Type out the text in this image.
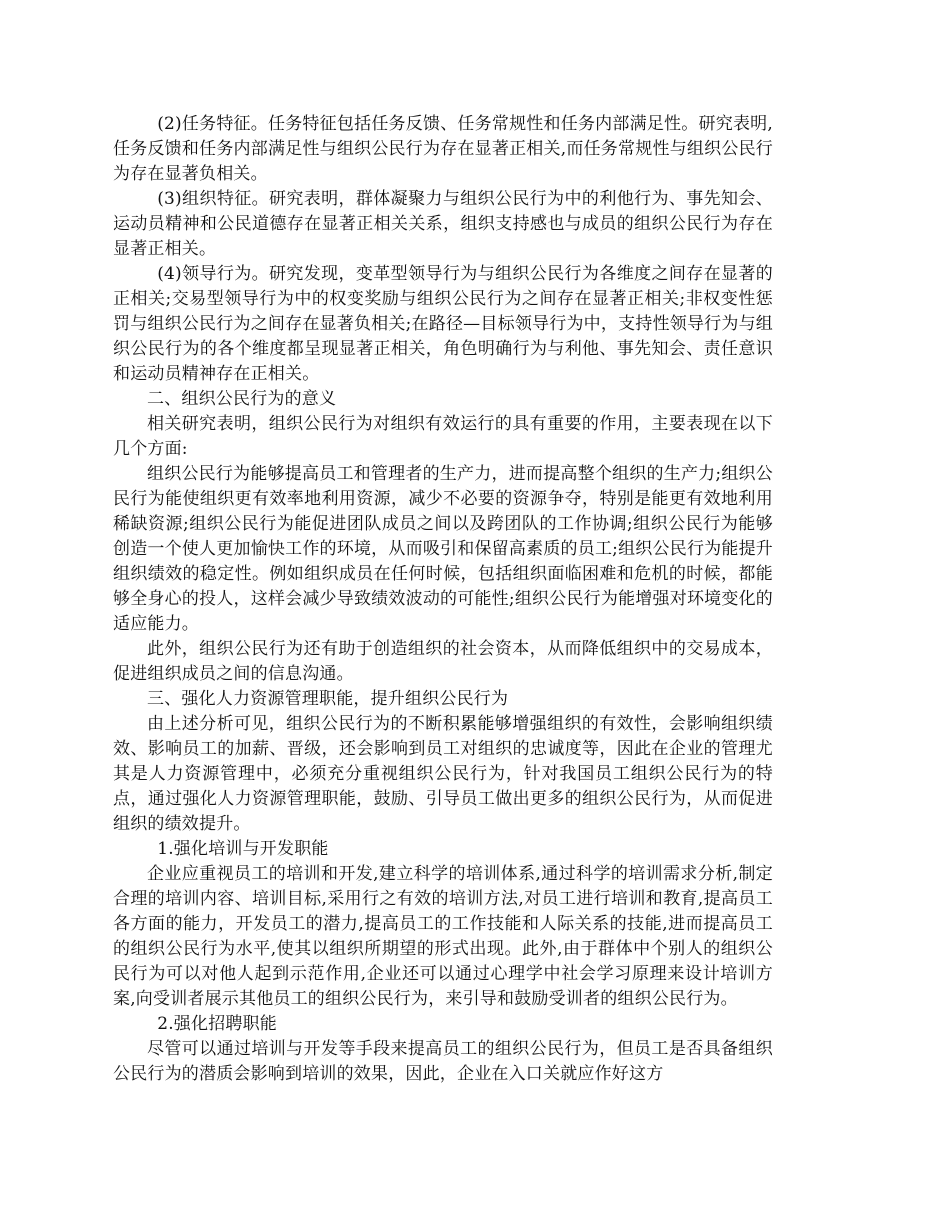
(2)任务特征。任务特征包括任务反馈、任务常规性和任务内部满足性。研究表明,任务反馈和任务内部满足性与组织公民行为存在显著正相关,而任务常规性与组织公民行为存在显著负相关。

(3)组织特征。研究表明，群体凝聚力与组织公民行为中的利他行为、事先知会、运动员精神和公民道德存在显著正相关关系，组织支持感也与成员的组织公民行为存在显著正相关。

(4)领导行为。研究发现，变革型领导行为与组织公民行为各维度之间存在显著的正相关;交易型领导行为中的权变奖励与组织公民行为之间存在显著正相关;非权变性惩罚与组织公民行为之间存在显著负相关;在路径—目标领导行为中，支持性领导行为与组织公民行为的各个维度都呈现显著正相关，角色明确行为与利他、事先知会、责任意识和运动员精神存在正相关。

二、组织公民行为的意义

相关研究表明，组织公民行为对组织有效运行的具有重要的作用，主要表现在以下几个方面:

组织公民行为能够提高员工和管理者的生产力，进而提高整个组织的生产力;组织公民行为能使组织更有效率地利用资源，减少不必要的资源争夺，特别是能更有效地利用稀缺资源;组织公民行为能促进团队成员之间以及跨团队的工作协调;组织公民行为能够创造一个使人更加愉快工作的环境，从而吸引和保留高素质的员工;组织公民行为能提升组织绩效的稳定性。例如组织成员在任何时候，包括组织面临困难和危机的时候，都能够全身心的投人，这样会减少导致绩效波动的可能性;组织公民行为能增强对环境变化的适应能力。

此外，组织公民行为还有助于创造组织的社会资本，从而降低组织中的交易成本，促进组织成员之间的信息沟通。

三、强化人力资源管理职能，提升组织公民行为

由上述分析可见，组织公民行为的不断积累能够增强组织的有效性，会影响组织绩效、影响员工的加薪、晋级，还会影响到员工对组织的忠诚度等，因此在企业的管理尤其是人力资源管理中，必须充分重视组织公民行为，针对我国员工组织公民行为的特点，通过强化人力资源管理职能，鼓励、引导员工做出更多的组织公民行为，从而促进组织的绩效提升。

1.强化培训与开发职能

企业应重视员工的培训和开发,建立科学的培训体系,通过科学的培训需求分析,制定合理的培训内容、培训目标,采用行之有效的培训方法,对员工进行培训和教育,提高员工各方面的能力，开发员工的潜力,提高员工的工作技能和人际关系的技能,进而提高员工的组织公民行为水平,使其以组织所期望的形式出现。此外,由于群体中个别人的组织公民行为可以对他人起到示范作用,企业还可以通过心理学中社会学习原理来设计培训方案,向受训者展示其他员工的组织公民行为，来引导和鼓励受训者的组织公民行为。

2.强化招聘职能

尽管可以通过培训与开发等手段来提高员工的组织公民行为，但员工是否具备组织公民行为的潜质会影响到培训的效果，因此，企业在入口关就应作好这方
